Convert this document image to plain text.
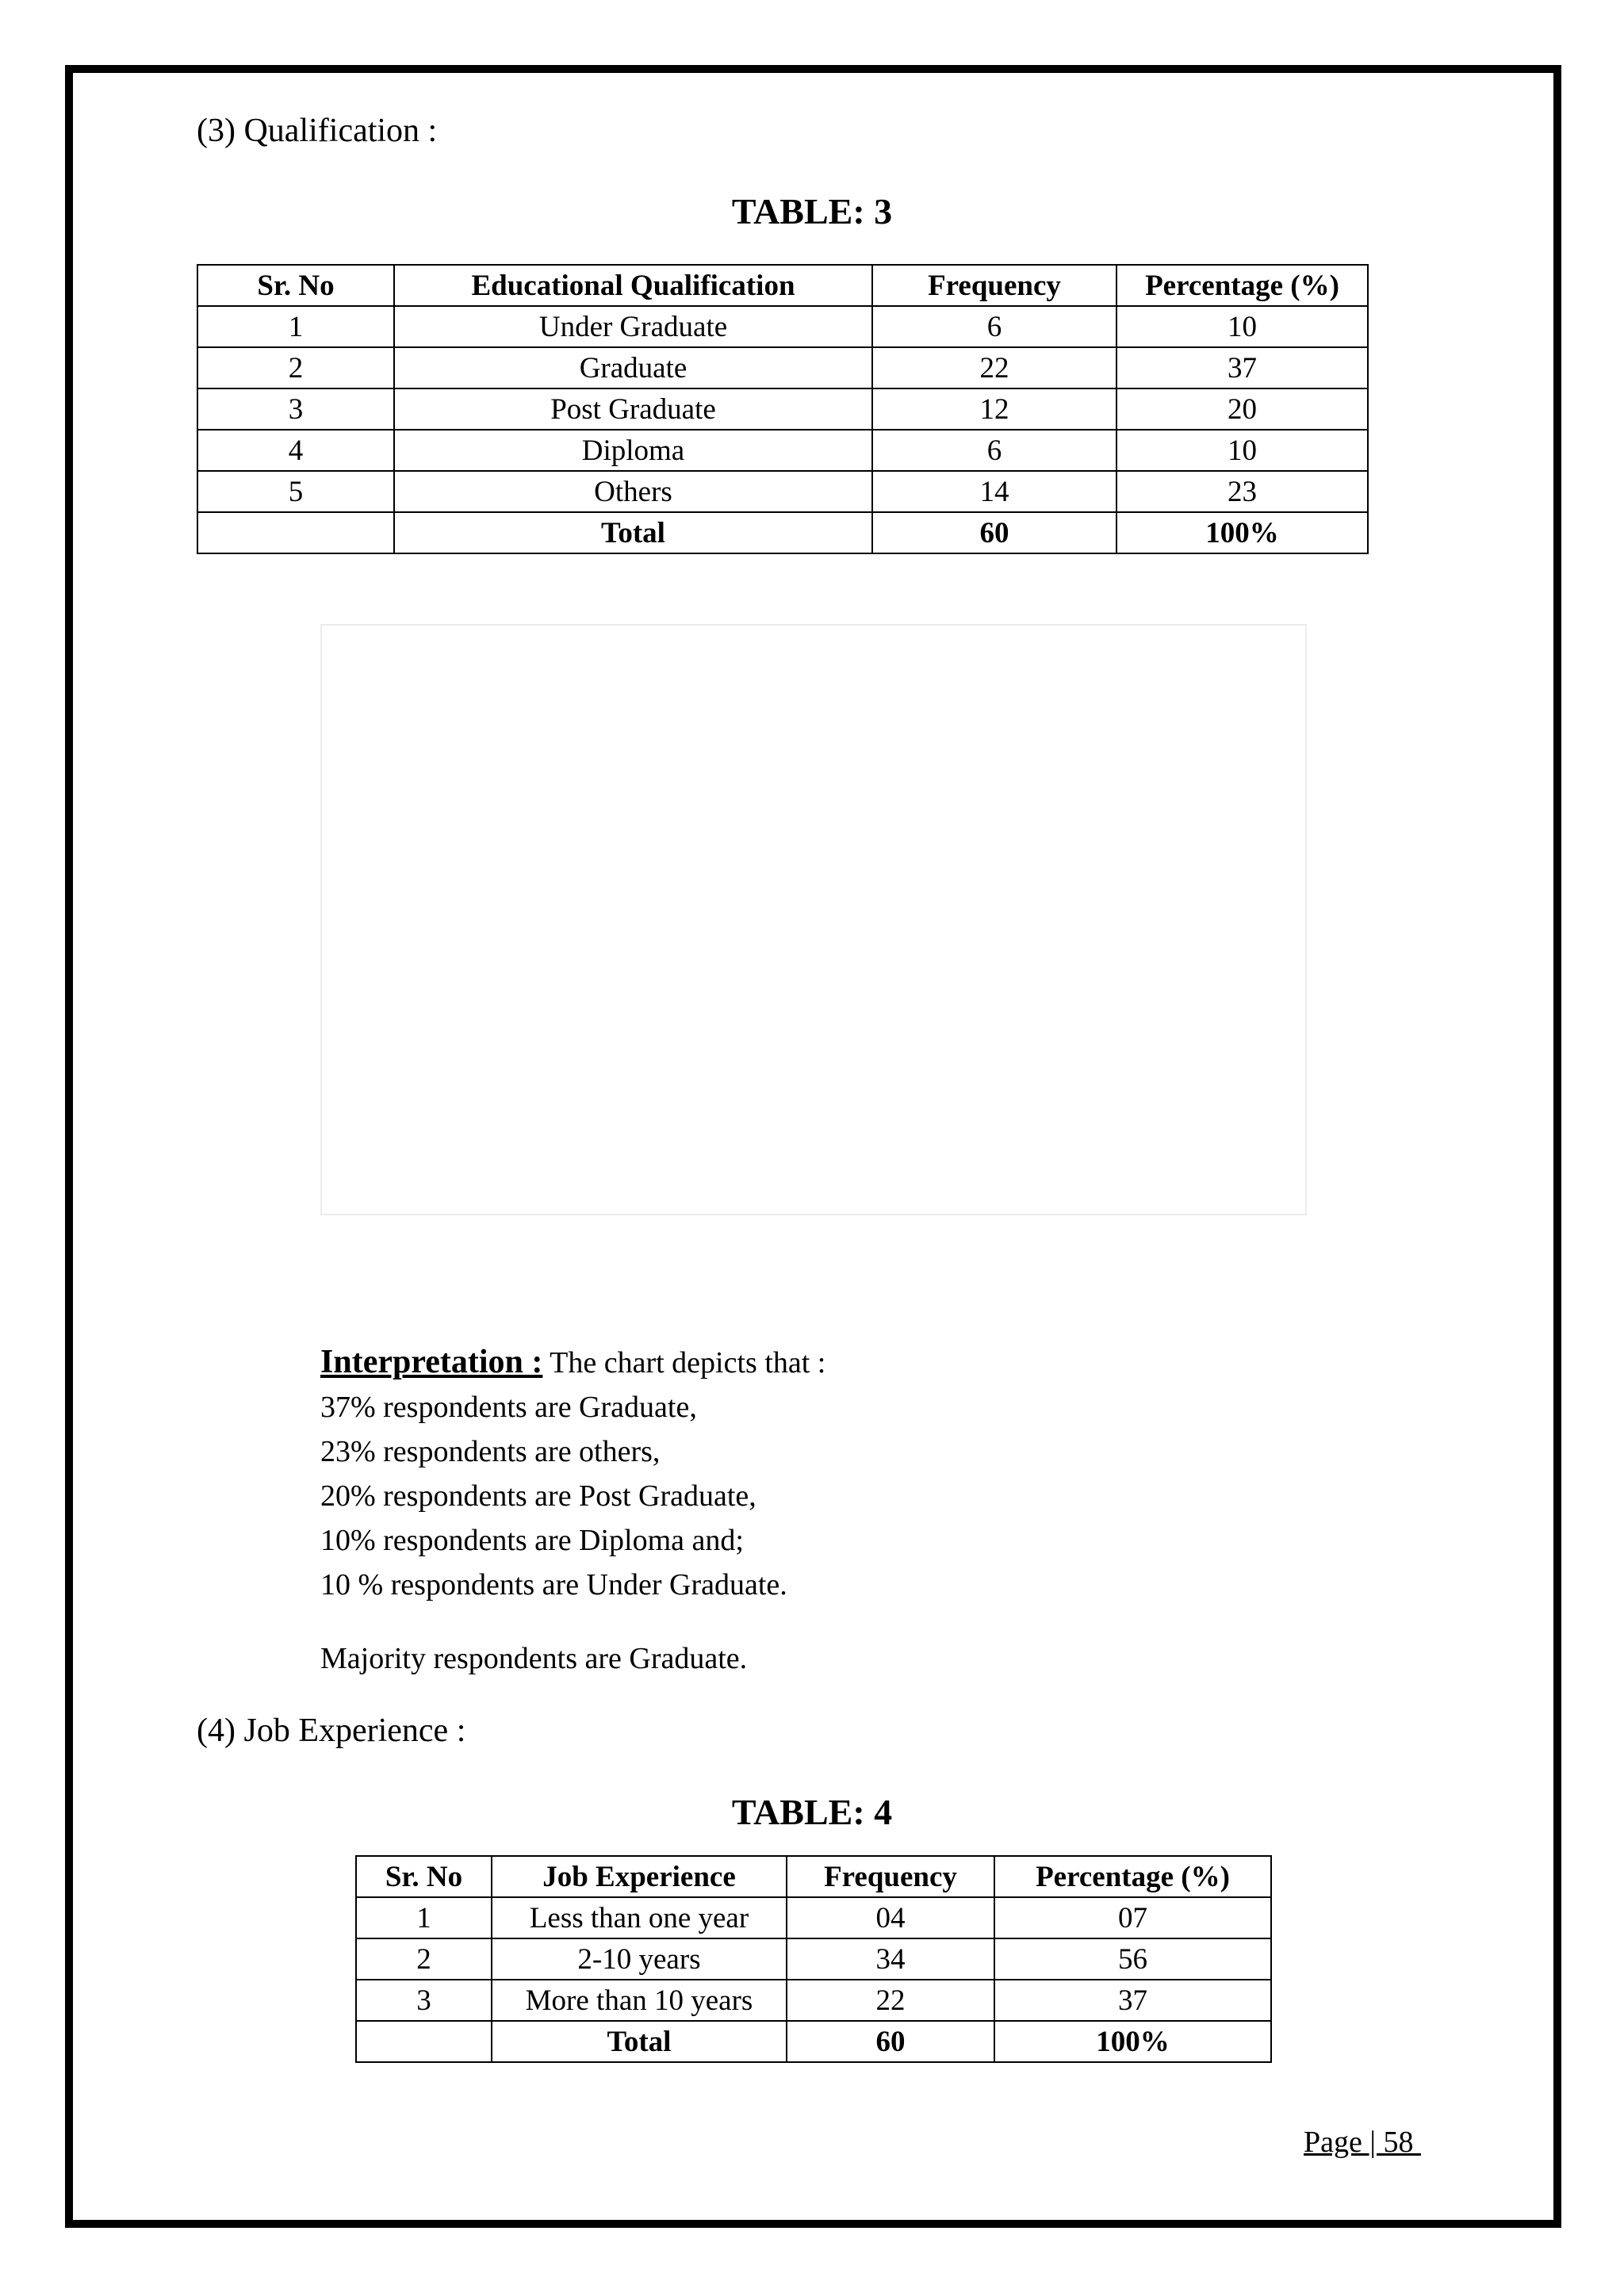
(3) Qualification :
TABLE: 3
Sr. No	Educational Qualification	Frequency	Percentage (%)
1	Under Graduate	6	10
2	Graduate	22	37
3	Post Graduate	12	20
4	Diploma	6	10
5	Others	14	23
	Total	60	100%
Interpretation : The chart depicts that :
37% respondents are Graduate,
23% respondents are others,
20% respondents are Post Graduate,
10% respondents are Diploma and;
10 % respondents are Under Graduate.
Majority respondents are Graduate.
(4) Job Experience :
TABLE: 4
Sr. No	Job Experience	Frequency	Percentage (%)
1	Less than one year	04	07
2	2-10 years	34	56
3	More than 10 years	22	37
	Total	60	100%
Page | 58
